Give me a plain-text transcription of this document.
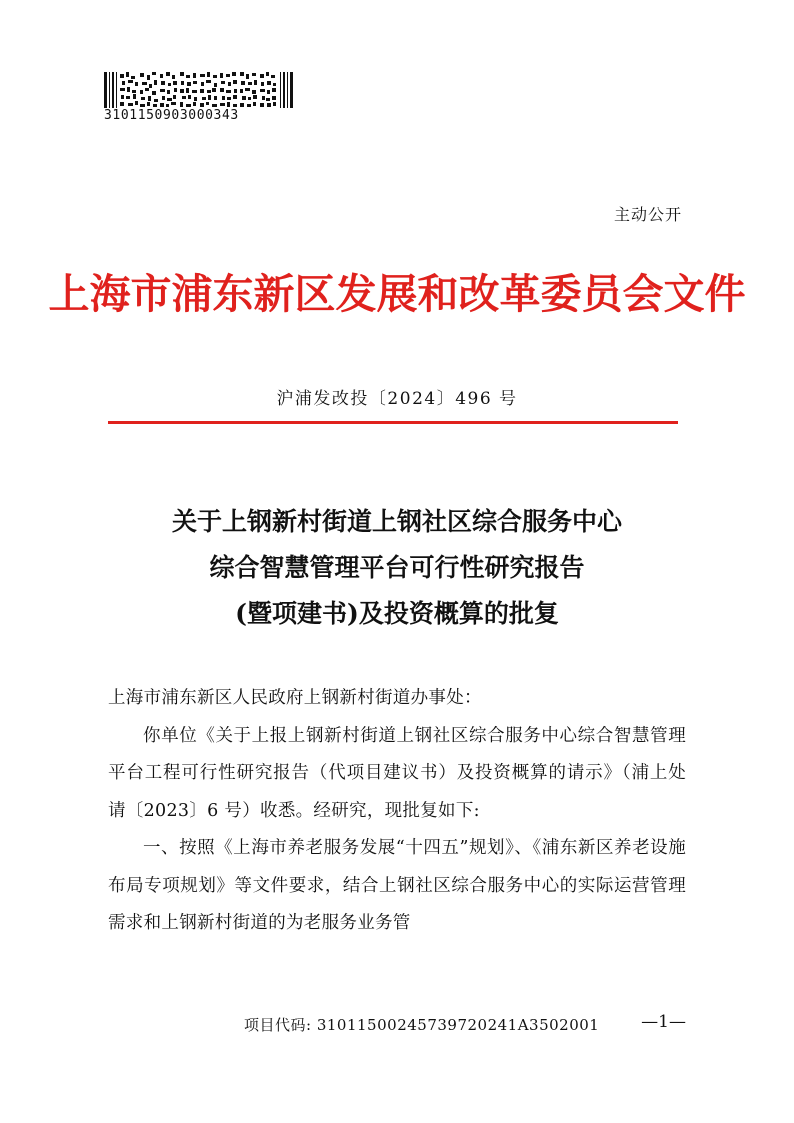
3101150903000343
主动公开
上海市浦东新区发展和改革委员会文件
沪浦发改投〔2024〕496 号
关于上钢新村街道上钢社区综合服务中心
综合智慧管理平台可行性研究报告
(暨项建书)及投资概算的批复

上海市浦东新区人民政府上钢新村街道办事处：

你单位《关于上报上钢新村街道上钢社区综合服务中心综合智慧管理平台工程可行性研究报告（代项目建议书）及投资概算的请示》（浦上处请〔2023〕6 号）收悉。经研究，现批复如下:

一、按照《上海市养老服务发展“十四五”规划》、《浦东新区养老设施布局专项规划》等文件要求，结合上钢社区综合服务中心的实际运营管理需求和上钢新村街道的为老服务业务管

项目代码: 31011500245739720241A3502001 —1—
